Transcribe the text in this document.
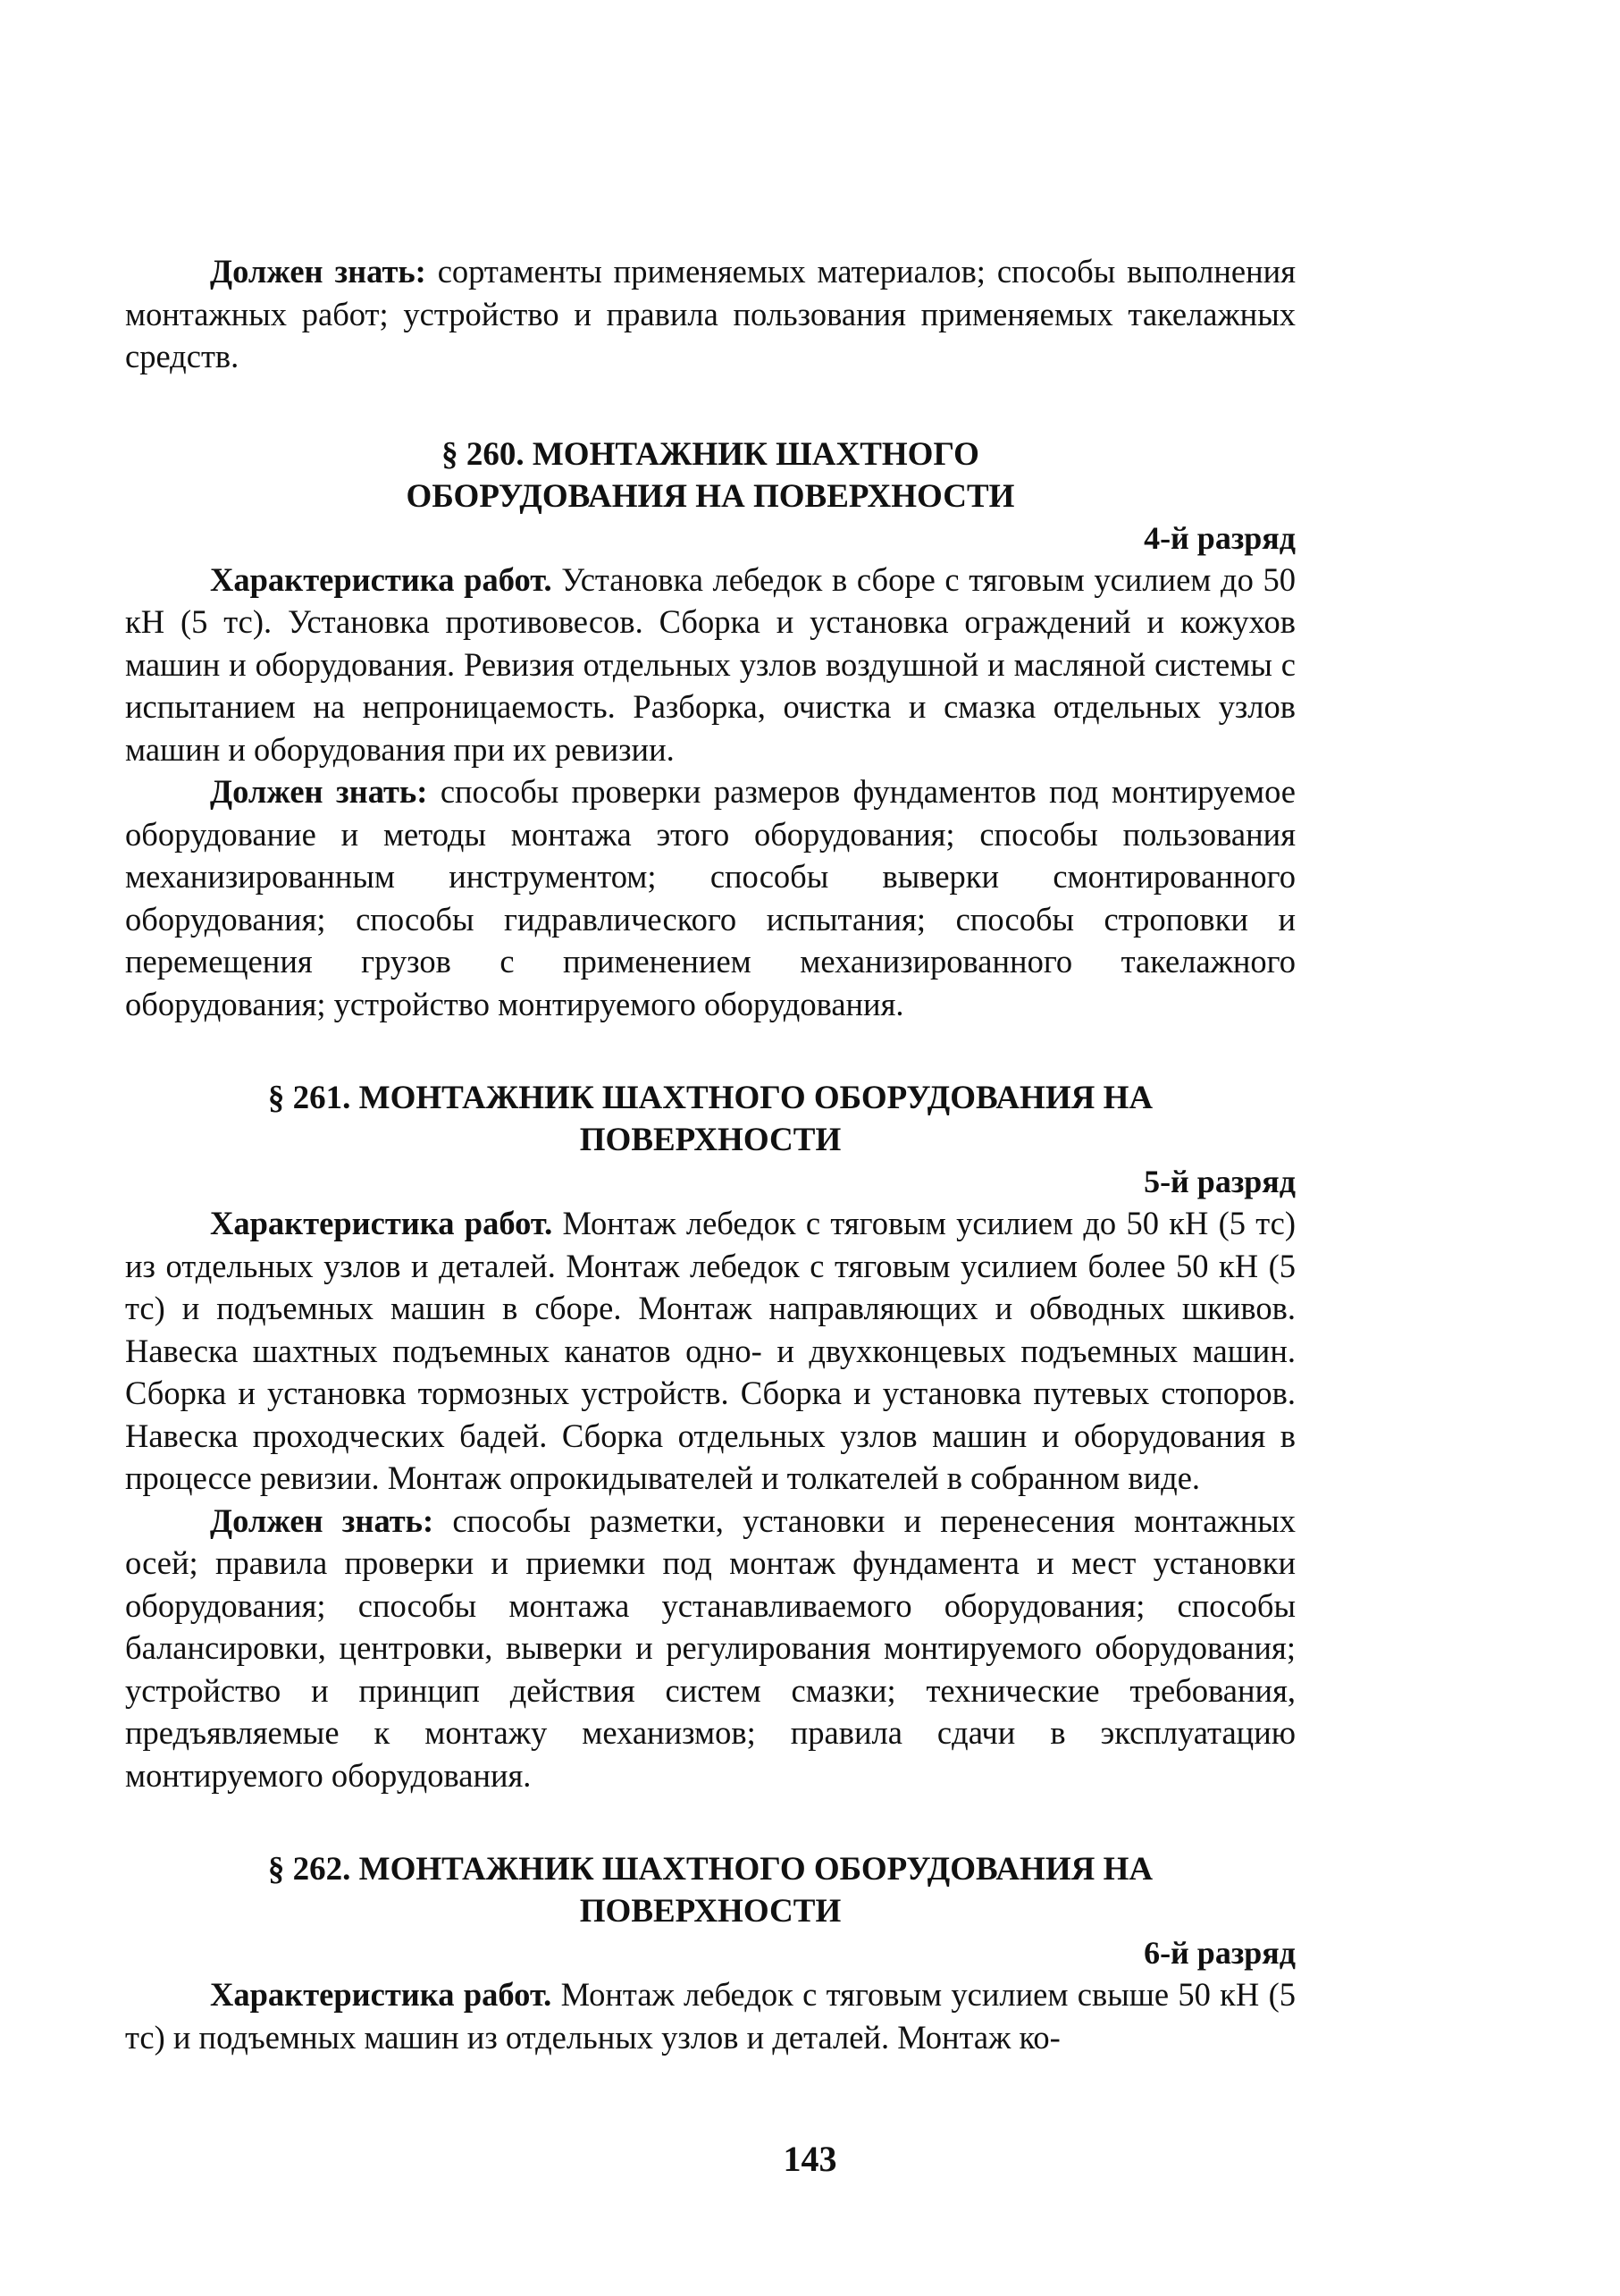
Должен знать: сортаменты применяемых материалов; способы выполнения монтажных работ; устройство и правила пользования применяемых такелажных средств.

§ 260. МОНТАЖНИК ШАХТНОГО ОБОРУДОВАНИЯ НА ПОВЕРХНОСТИ
4-й разряд

Характеристика работ. Установка лебедок в сборе с тяговым усилием до 50 кН (5 тс). Установка противовесов. Сборка и установка ограждений и кожухов машин и оборудования. Ревизия отдельных узлов воздушной и масляной системы с испытанием на непроницаемость. Разборка, очистка и смазка отдельных узлов машин и оборудования при их ревизии.

Должен знать: способы проверки размеров фундаментов под монтируемое оборудование и методы монтажа этого оборудования; способы пользования механизированным инструментом; способы выверки смонтированного оборудования; способы гидравлического испытания; способы строповки и перемещения грузов с применением механизированного такелажного оборудования; устройство монтируемого оборудования.

§ 261. МОНТАЖНИК ШАХТНОГО ОБОРУДОВАНИЯ НА ПОВЕРХНОСТИ
5-й разряд

Характеристика работ. Монтаж лебедок с тяговым усилием до 50 кН (5 тс) из отдельных узлов и деталей. Монтаж лебедок с тяговым усилием более 50 кН (5 тс) и подъемных машин в сборе. Монтаж направляющих и обводных шкивов. Навеска шахтных подъемных канатов одно- и двухконцевых подъемных машин. Сборка и установка тормозных устройств. Сборка и установка путевых стопоров. Навеска проходческих бадей. Сборка отдельных узлов машин и оборудования в процессе ревизии. Монтаж опрокидывателей и толкателей в собранном виде.

Должен знать: способы разметки, установки и перенесения монтажных осей; правила проверки и приемки под монтаж фундамента и мест установки оборудования; способы монтажа устанавливаемого оборудования; способы балансировки, центровки, выверки и регулирования монтируемого оборудования; устройство и принцип действия систем смазки; технические требования, предъявляемые к монтажу механизмов; правила сдачи в эксплуатацию монтируемого оборудования.

§ 262. МОНТАЖНИК ШАХТНОГО ОБОРУДОВАНИЯ НА ПОВЕРХНОСТИ
6-й разряд

Характеристика работ. Монтаж лебедок с тяговым усилием свыше 50 кН (5 тс) и подъемных машин из отдельных узлов и деталей. Монтаж ко-

143
